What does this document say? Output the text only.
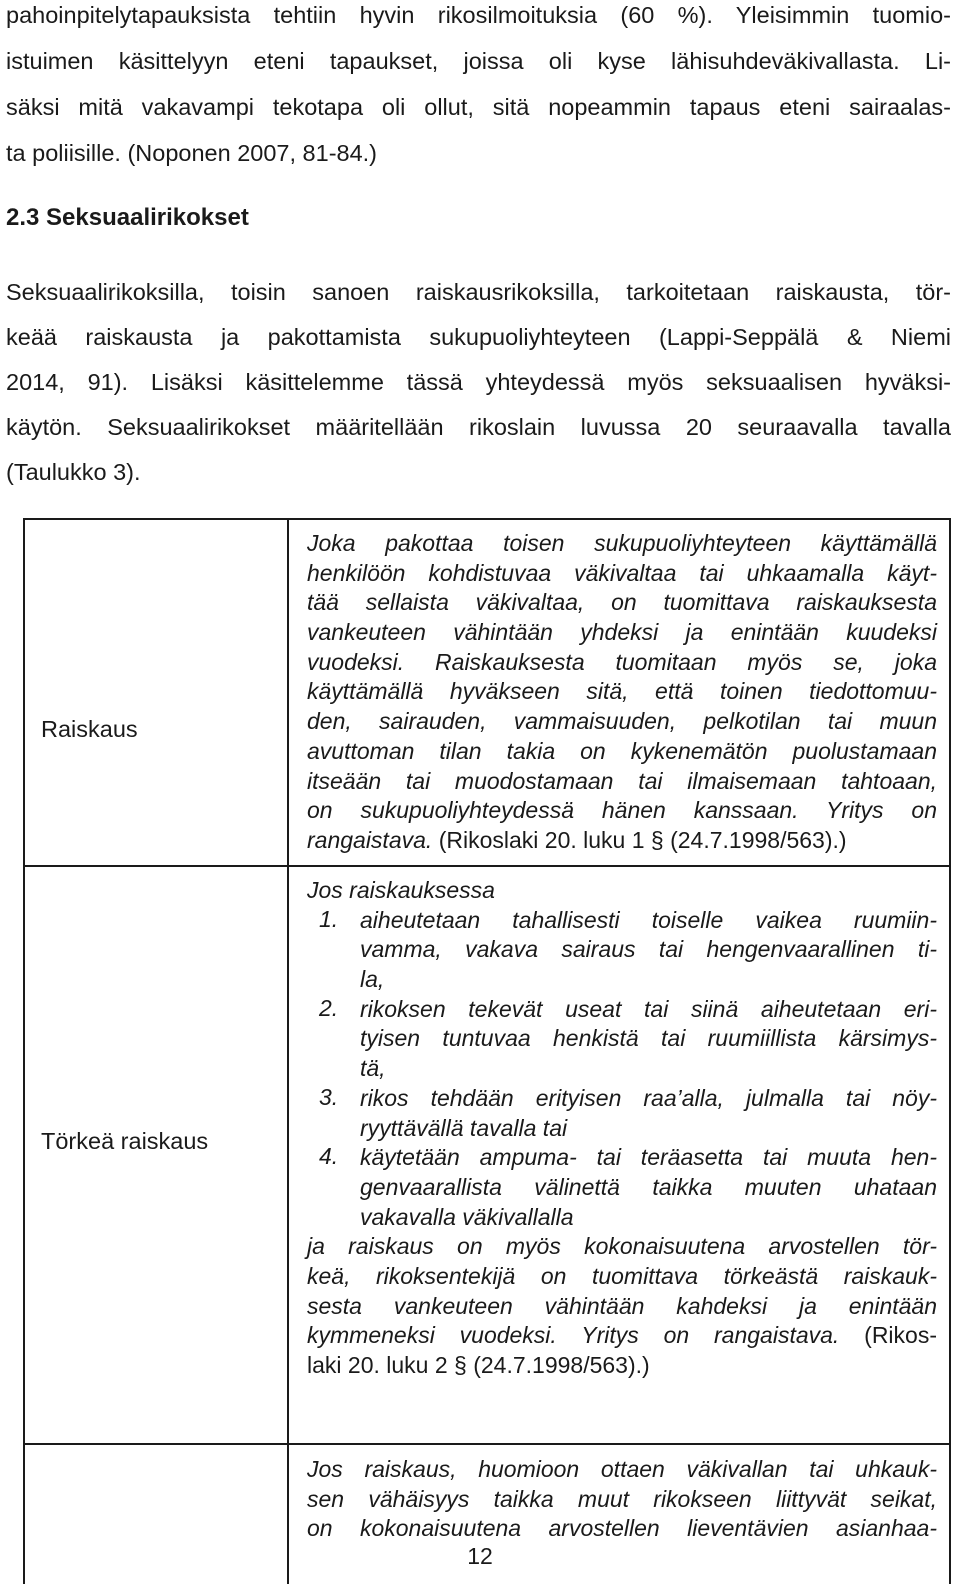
pahoinpitelytapauksista tehtiin hyvin rikosilmoituksia (60 %). Yleisimmin tuomio-
istuimen käsittelyyn eteni tapaukset, joissa oli kyse lähisuhdeväkivallasta. Li-
säksi mitä vakavampi tekotapa oli ollut, sitä nopeammin tapaus eteni sairaalas-
ta poliisille. (Noponen 2007, 81-84.)
2.3 Seksuaalirikokset
Seksuaalirikoksilla, toisin sanoen raiskausrikoksilla, tarkoitetaan raiskausta, tör-
keää raiskausta ja pakottamista sukupuoliyhteyteen (Lappi-Seppälä & Niemi
2014, 91). Lisäksi käsittelemme tässä yhteydessä myös seksuaalisen hyväksi-
käytön. Seksuaalirikokset määritellään rikoslain luvussa 20 seuraavalla tavalla
(Taulukko 3).
Raiskaus
Joka pakottaa toisen sukupuoliyhteyteen käyttämällä
henkilöön kohdistuvaa väkivaltaa tai uhkaamalla käyt-
tää sellaista väkivaltaa, on tuomittava raiskauksesta
vankeuteen vähintään yhdeksi ja enintään kuudeksi
vuodeksi. Raiskauksesta tuomitaan myös se, joka
käyttämällä hyväkseen sitä, että toinen tiedottomuu-
den, sairauden, vammaisuuden, pelkotilan tai muun
avuttoman tilan takia on kykenemätön puolustamaan
itseään tai muodostamaan tai ilmaisemaan tahtoaan,
on sukupuoliyhteydessä hänen kanssaan. Yritys on
rangaistava. (Rikoslaki 20. luku 1 § (24.7.1998/563).)
Törkeä raiskaus
Jos raiskauksessa
1. aiheutetaan tahallisesti toiselle vaikea ruumiin-
vamma, vakava sairaus tai hengenvaarallinen ti-
la,
2. rikoksen tekevät useat tai siinä aiheutetaan eri-
tyisen tuntuvaa henkistä tai ruumiillista kärsimys-
tä,
3. rikos tehdään erityisen raa’alla, julmalla tai nöy-
ryyttävällä tavalla tai
4. käytetään ampuma- tai teräasetta tai muuta hen-
genvaarallista välinettä taikka muuten uhataan
vakavalla väkivallalla
ja raiskaus on myös kokonaisuutena arvostellen tör-
keä, rikoksentekijä on tuomittava törkeästä raiskauk-
sesta vankeuteen vähintään kahdeksi ja enintään
kymmeneksi vuodeksi. Yritys on rangaistava. (Rikos-
laki 20. luku 2 § (24.7.1998/563).)
Jos raiskaus, huomioon ottaen väkivallan tai uhkauk-
sen vähäisyys taikka muut rikokseen liittyvät seikat,
on kokonaisuutena arvostellen lieventävien asianhaa-
12
